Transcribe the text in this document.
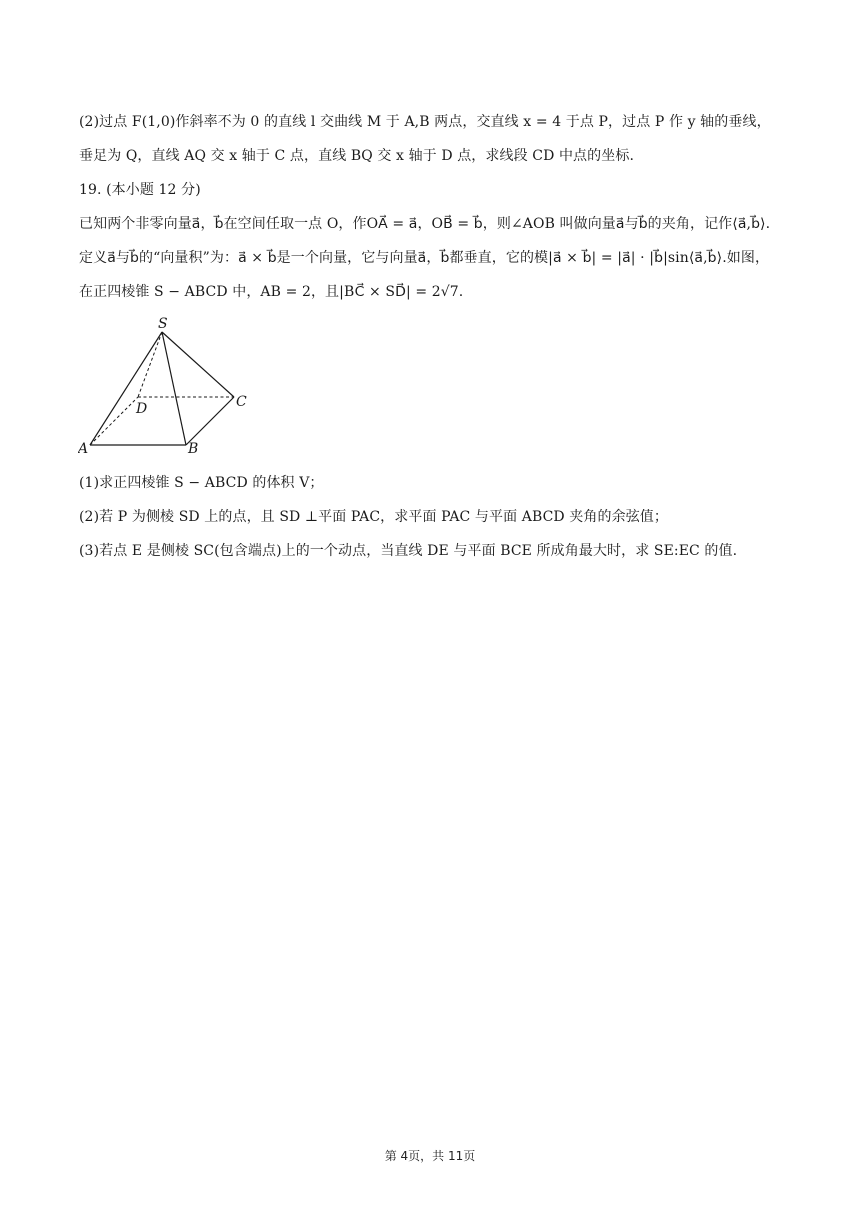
(2)过点 F(1,0)作斜率不为 0 的直线 l 交曲线 M 于 A,B 两点，交直线 x = 4 于点 P，过点 P 作 y 轴的垂线，
垂足为 Q，直线 AQ 交 x 轴于 C 点，直线 BQ 交 x 轴于 D 点，求线段 CD 中点的坐标.
19. (本小题 12 分)
已知两个非零向量a⃗，b⃗在空间任取一点 O，作OA⃗ = a⃗，OB⃗ = b⃗，则∠AOB 叫做向量a⃗与b⃗的夹角，记作⟨a⃗,b⃗⟩.
定义a⃗与b⃗的“向量积”为：a⃗ × b⃗是一个向量，它与向量a⃗，b⃗都垂直，它的模|a⃗ × b⃗| = |a⃗| · |b⃗|sin⟨a⃗,b⃗⟩.如图，
在正四棱锥 S − ABCD 中，AB = 2，且|BC⃗ × SD⃗| = 2√7.
S
A	B
C
D
(1)求正四棱锥 S − ABCD 的体积 V；
(2)若 P 为侧棱 SD 上的点，且 SD ⊥平面 PAC，求平面 PAC 与平面 ABCD 夹角的余弦值；
(3)若点 E 是侧棱 SC(包含端点)上的一个动点，当直线 DE 与平面 BCE 所成角最大时，求 SE:EC 的值.
第 4页，共 11页
